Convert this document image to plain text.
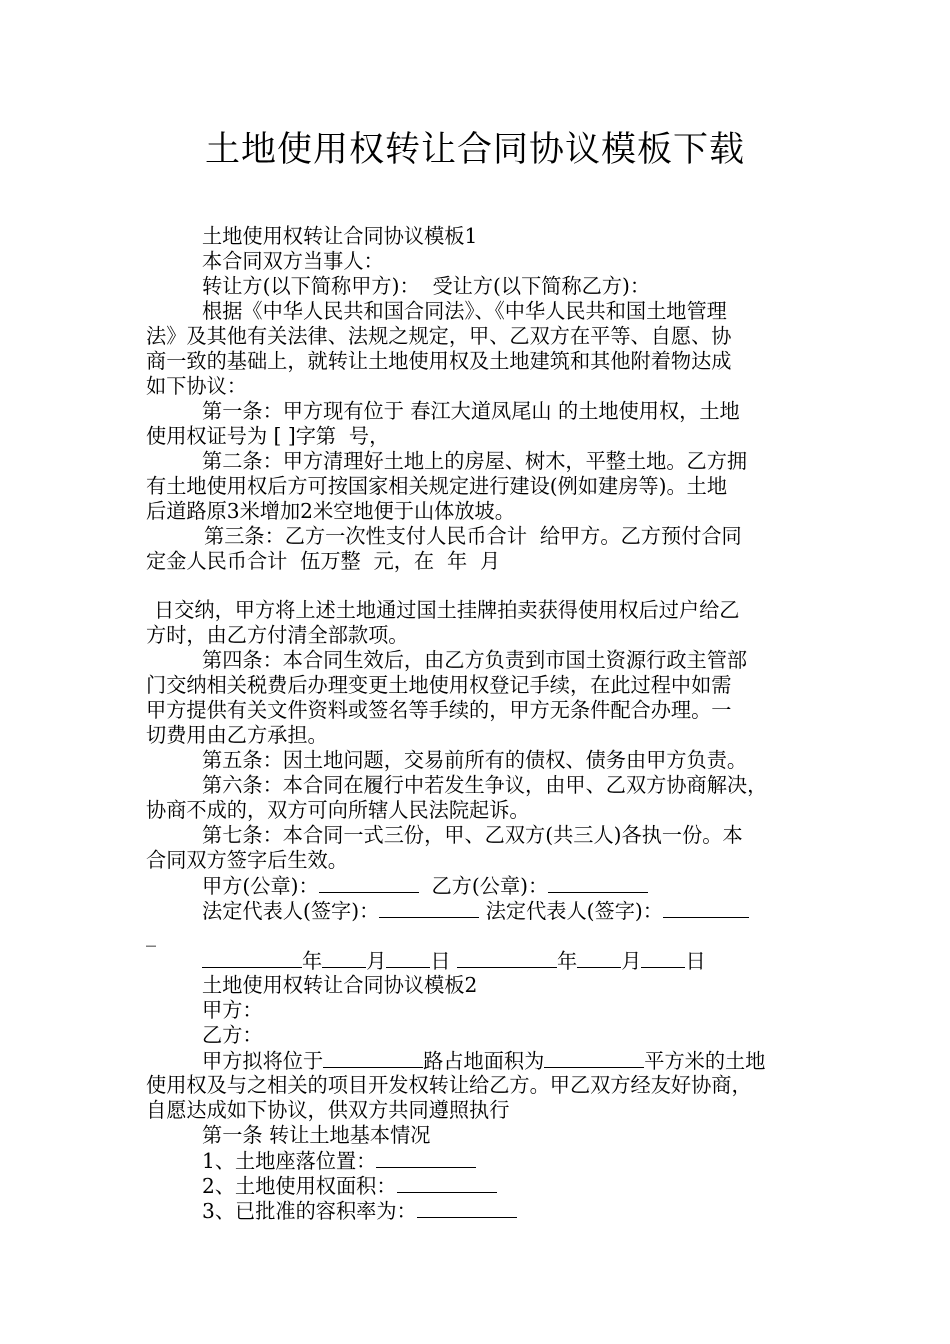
土地使用权转让合同协议模板下载
土地使用权转让合同协议模板1
本合同双方当事人：
转让方(以下简称甲方)：  受让方(以下简称乙方)：
根据《中华人民共和国合同法》、《中华人民共和国土地管理
法》及其他有关法律、法规之规定，甲、乙双方在平等、自愿、协
商一致的基础上，就转让土地使用权及土地建筑和其他附着物达成
如下协议：
第一条：甲方现有位于 春江大道凤尾山 的土地使用权，土地
使用权证号为 [ ]字第  号，
第二条：甲方清理好土地上的房屋、树木，平整土地。乙方拥
有土地使用权后方可按国家相关规定进行建设(例如建房等)。土地
后道路原3米增加2米空地便于山体放坡。
第三条：乙方一次性支付人民币合计  给甲方。乙方预付合同
定金人民币合计  伍万整  元，在  年  月
日交纳，甲方将上述土地通过国土挂牌拍卖获得使用权后过户给乙
方时，由乙方付清全部款项。
第四条：本合同生效后，由乙方负责到市国土资源行政主管部
门交纳相关税费后办理变更土地使用权登记手续，在此过程中如需
甲方提供有关文件资料或签名等手续的，甲方无条件配合办理。一
切费用由乙方承担。
第五条：因土地问题，交易前所有的债权、债务由甲方负责。
第六条：本合同在履行中若发生争议，由甲、乙双方协商解决，
协商不成的，双方可向所辖人民法院起诉。
第七条：本合同一式三份，甲、乙双方(共三人)各执一份。本
合同双方签字后生效。
甲方(公章)：	乙方(公章)：
法定代表人(签字)：	法定代表人(签字)：
_
年 月 日	年 月 日
土地使用权转让合同协议模板2
甲方：
乙方：
甲方拟将位于	路占地面积为	平方米的土地
使用权及与之相关的项目开发权转让给乙方。甲乙双方经友好协商，
自愿达成如下协议，供双方共同遵照执行
第一条 转让土地基本情况
1、土地座落位置：
2、土地使用权面积：
3、已批准的容积率为：
